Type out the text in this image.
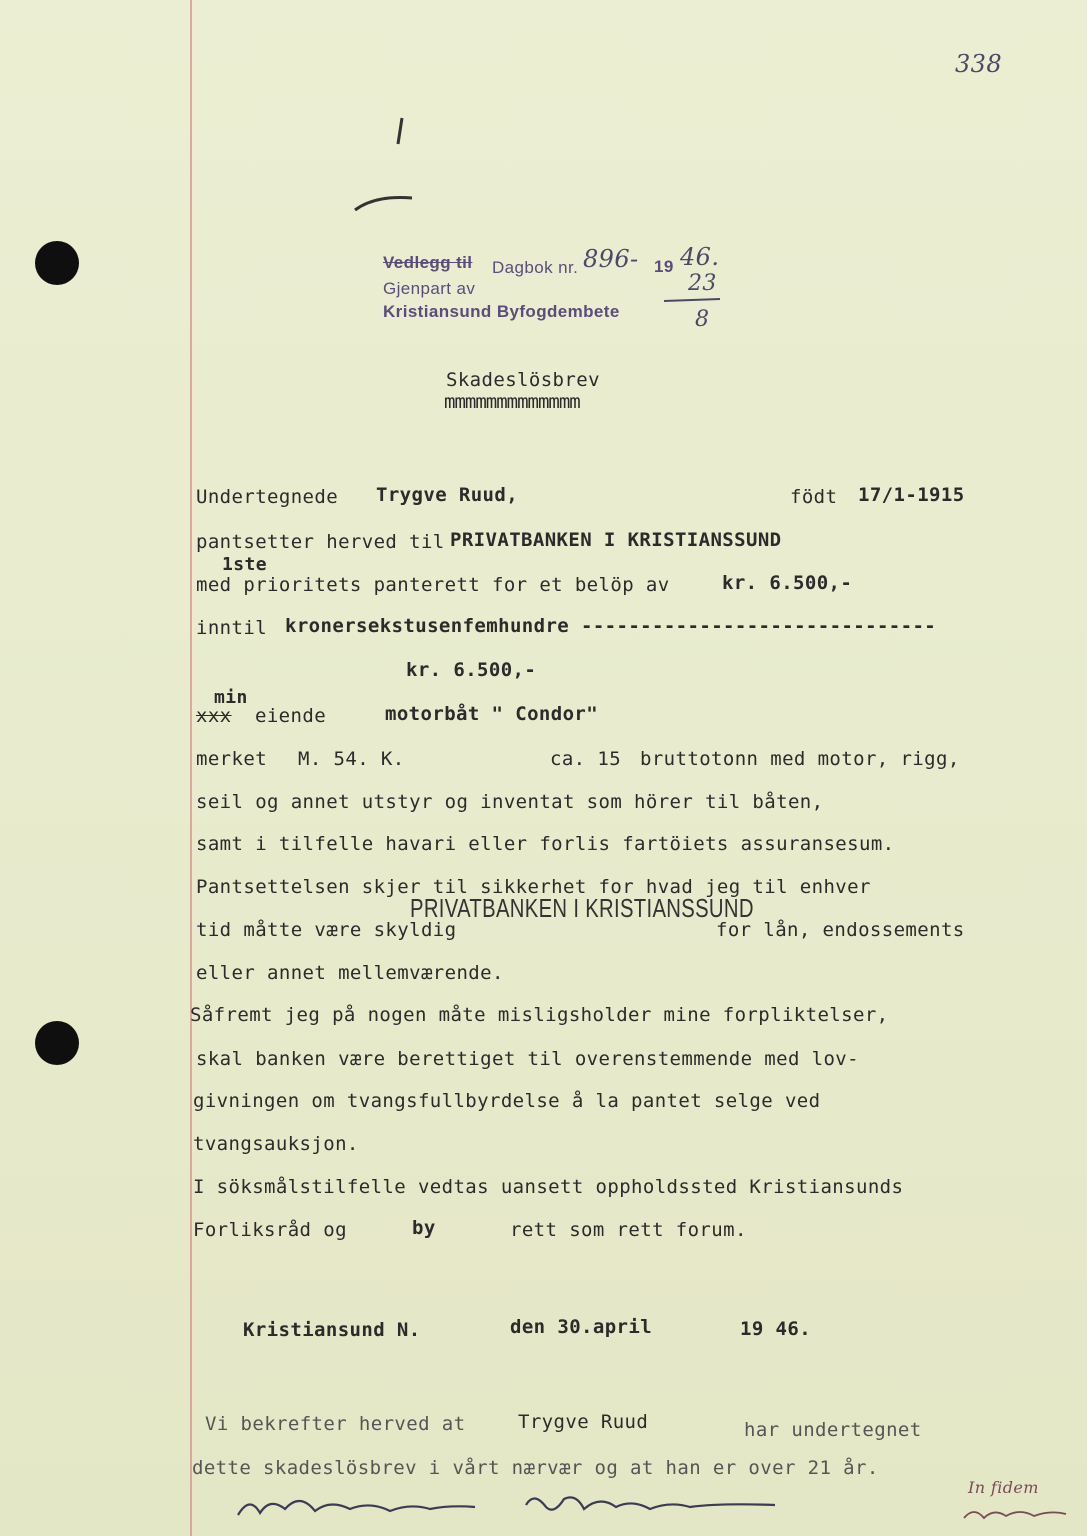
338
Vedlegg til Dagbok nr. 896- 19 46.
Gjenpart av	23
Kristiansund Byfogdembete	8
Skadeslösbrev
mmmmmmmmmmmmm
Undertegnede Trygve Ruud,	födt 17/1-1915
pantsetter herved til PRIVATBANKEN I KRISTIANSSUND
1ste
med prioritets panterett for et belöp av	kr. 6.500,-
inntil kronersekstusenfemhundre ------------------------------
kr. 6.500,-
min
xxx eiende	motorbåt " Condor"
merket M. 54. K.	ca. 15 bruttotonn med motor, rigg,
seil og annet utstyr og inventat som hörer til båten,
samt i tilfelle havari eller forlis fartöiets assuransesum.
Pantsettelsen skjer til sikkerhet for hvad jeg til enhver
PRIVATBANKEN I KRISTIANSSUND
tid måtte være skyldig	for lån, endossements
eller annet mellemværende.
Såfremt jeg på nogen måte misligsholder mine forpliktelser,
skal banken være berettiget til overenstemmende med lov-
givningen om tvangsfullbyrdelse å la pantet selge ved
tvangsauksjon.
I söksmålstilfelle vedtas uansett oppholdssted Kristiansunds
Forliksråd og	by	rett som rett forum.
Kristiansund N.	den 30.april	19 46.
Vi bekrefter herved at	Trygve Ruud	har undertegnet
dette skadeslösbrev i vårt nærvær og at han er over 21 år.
In fidem
